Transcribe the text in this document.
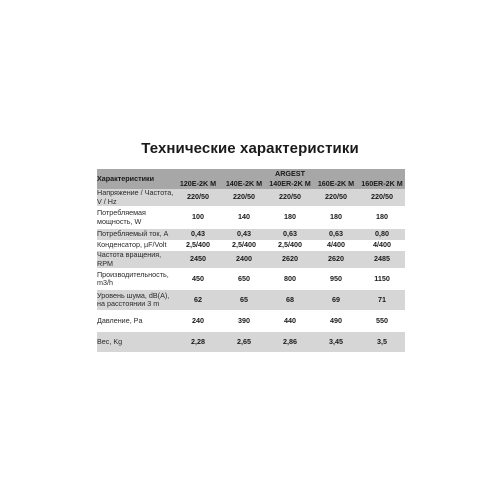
Технические характеристики
Характеристики	ARGEST				
	120E-2K M	140E-2K M	140ER-2K M	160E-2K M	160ER-2K M
Напряжение / Частота, V / Hz	220/50	220/50	220/50	220/50	220/50
Потребляемая мощность, W	100	140	180	180	180
Потребляемый ток, A	0,43	0,43	0,63	0,63	0,80
Конденсатор, µF/Volt	2,5/400	2,5/400	2,5/400	4/400	4/400
Частота вращения, RPM	2450	2400	2620	2620	2485
Производительность, m3/h	450	650	800	950	1150
Уровень шума, dB(A), на расстоянии 3 m	62	65	68	69	71
Давление, Pa	240	390	440	490	550
Вес, Kg	2,28	2,65	2,86	3,45	3,5
